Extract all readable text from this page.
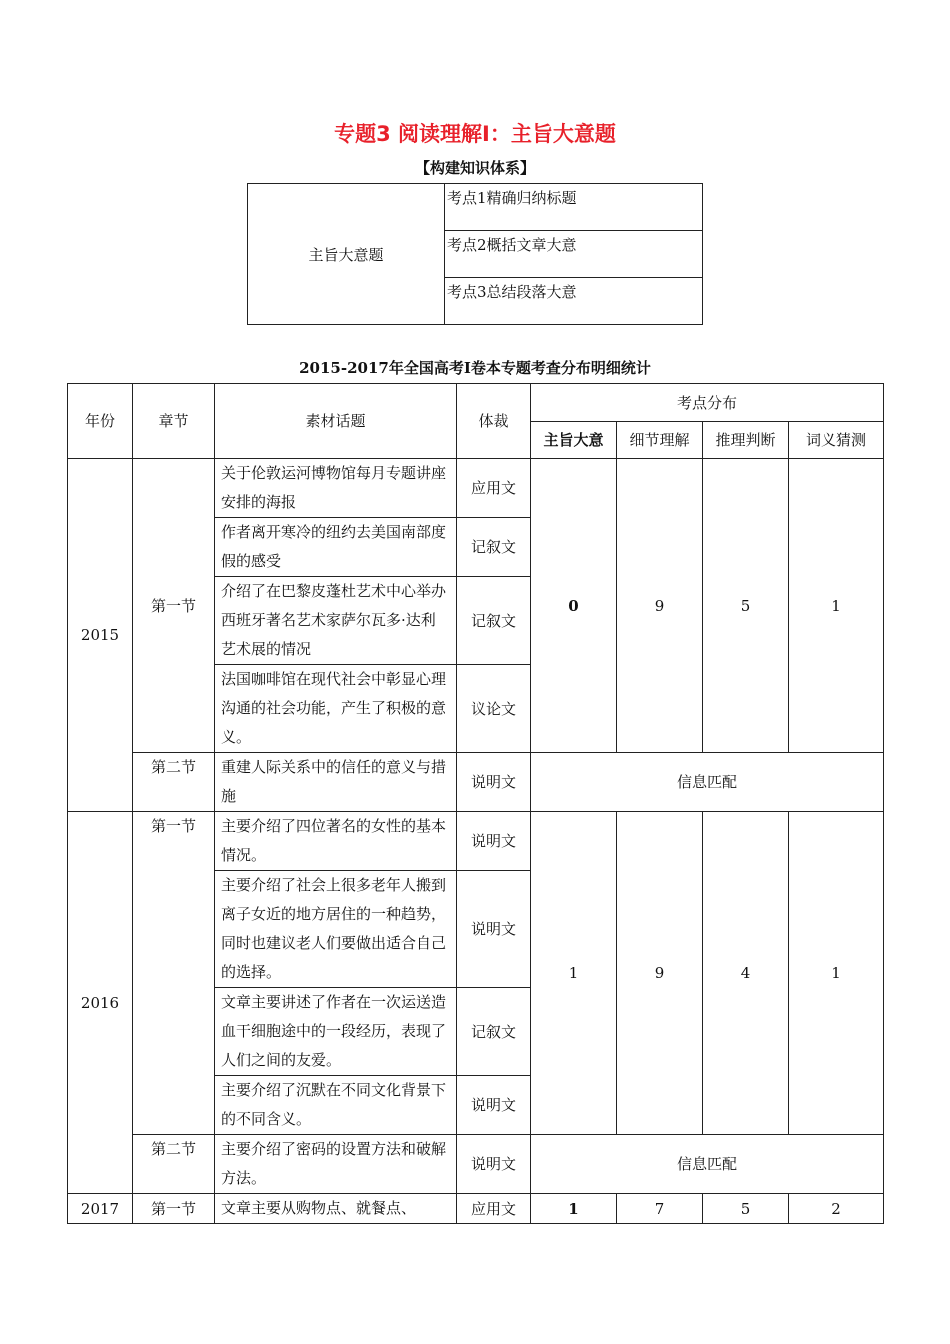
专题3 阅读理解Ⅰ：主旨大意题
【构建知识体系】
主旨大意题	考点1精确归纳标题
考点2概括文章大意
考点3总结段落大意
2015-2017年全国高考Ⅰ卷本专题考查分布明细统计
年份	章节	素材话题	体裁	考点分布			
				主旨大意	细节理解	推理判断	词义猜测
2015	第一节	关于伦敦运河博物馆每月专题讲座安排的海报	应用文	0	9	5	1
		作者离开寒冷的纽约去美国南部度假的感受	记叙文				
		介绍了在巴黎皮蓬杜艺术中心举办西班牙著名艺术家萨尔瓦多·达利艺术展的情况	记叙文				
		法国咖啡馆在现代社会中彰显心理沟通的社会功能，产生了积极的意义。	议论文				
	第二节	重建人际关系中的信任的意义与措施	说明文	信息匹配			
2016	第一节	主要介绍了四位著名的女性的基本情况。	说明文	1	9	4	1
		主要介绍了社会上很多老年人搬到离子女近的地方居住的一种趋势，同时也建议老人们要做出适合自己的选择。	说明文				
		文章主要讲述了作者在一次运送造血干细胞途中的一段经历，表现了人们之间的友爱。	记叙文				
		主要介绍了沉默在不同文化背景下的不同含义。	说明文				
	第二节	主要介绍了密码的设置方法和破解方法。	说明文	信息匹配			
2017	第一节	文章主要从购物点、就餐点、	应用文	1	7	5	2
